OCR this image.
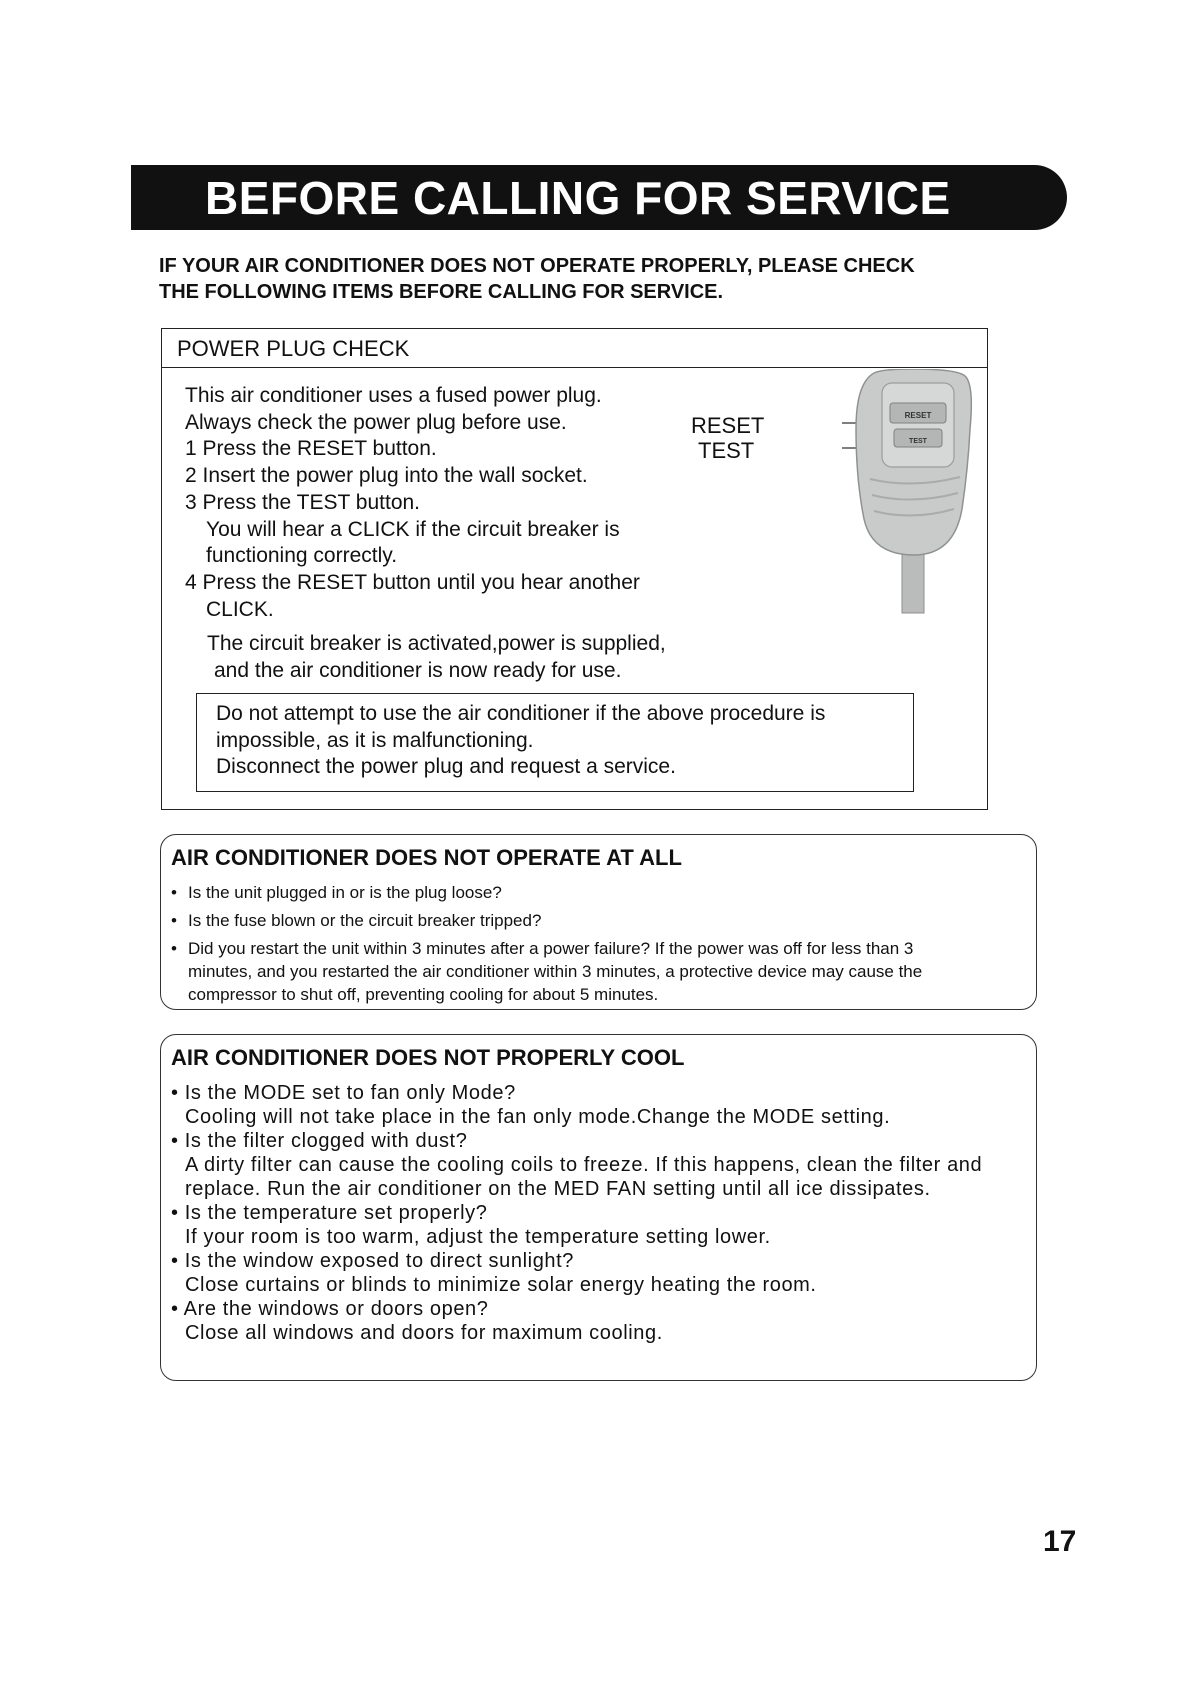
BEFORE CALLING FOR SERVICE
IF YOUR AIR CONDITIONER DOES NOT OPERATE PROPERLY, PLEASE CHECK
THE FOLLOWING ITEMS BEFORE CALLING FOR SERVICE.
POWER PLUG CHECK
This air conditioner uses a fused power plug.
Always check the power plug before use.
1 Press the RESET button.
2 Insert the power plug into the wall socket.
3 Press the TEST button.
You will hear a CLICK if the circuit breaker is
functioning correctly.
4 Press the RESET button until you hear another
CLICK.
The circuit breaker is activated,power is supplied,
and the air conditioner is now ready for use.
Do not attempt to use the air conditioner if the above procedure is
impossible, as it is malfunctioning.
Disconnect the power plug and request a service.
RESET
TEST
RESET
TEST
AIR CONDITIONER DOES NOT OPERATE AT ALL
• Is the unit plugged in or is the plug loose?
• Is the fuse blown or the circuit breaker tripped?
• Did you restart the unit within 3 minutes after a power failure? If the power was off for less than 3
minutes, and you restarted the air conditioner within 3 minutes, a protective device may cause the
compressor to shut off, preventing cooling for about 5 minutes.
AIR CONDITIONER DOES NOT PROPERLY COOL
• Is the MODE set to fan only Mode?
Cooling will not take place in the fan only mode.Change the MODE setting.
• Is the filter clogged with dust?
A dirty filter can cause the cooling coils to freeze. If this happens, clean the filter and
replace. Run the air conditioner on the MED FAN setting until all ice dissipates.
• Is the temperature set properly?
If your room is too warm, adjust the temperature setting lower.
• Is the window exposed to direct sunlight?
Close curtains or blinds to minimize solar energy heating the room.
• Are the windows or doors open?
Close all windows and doors for maximum cooling.
17
